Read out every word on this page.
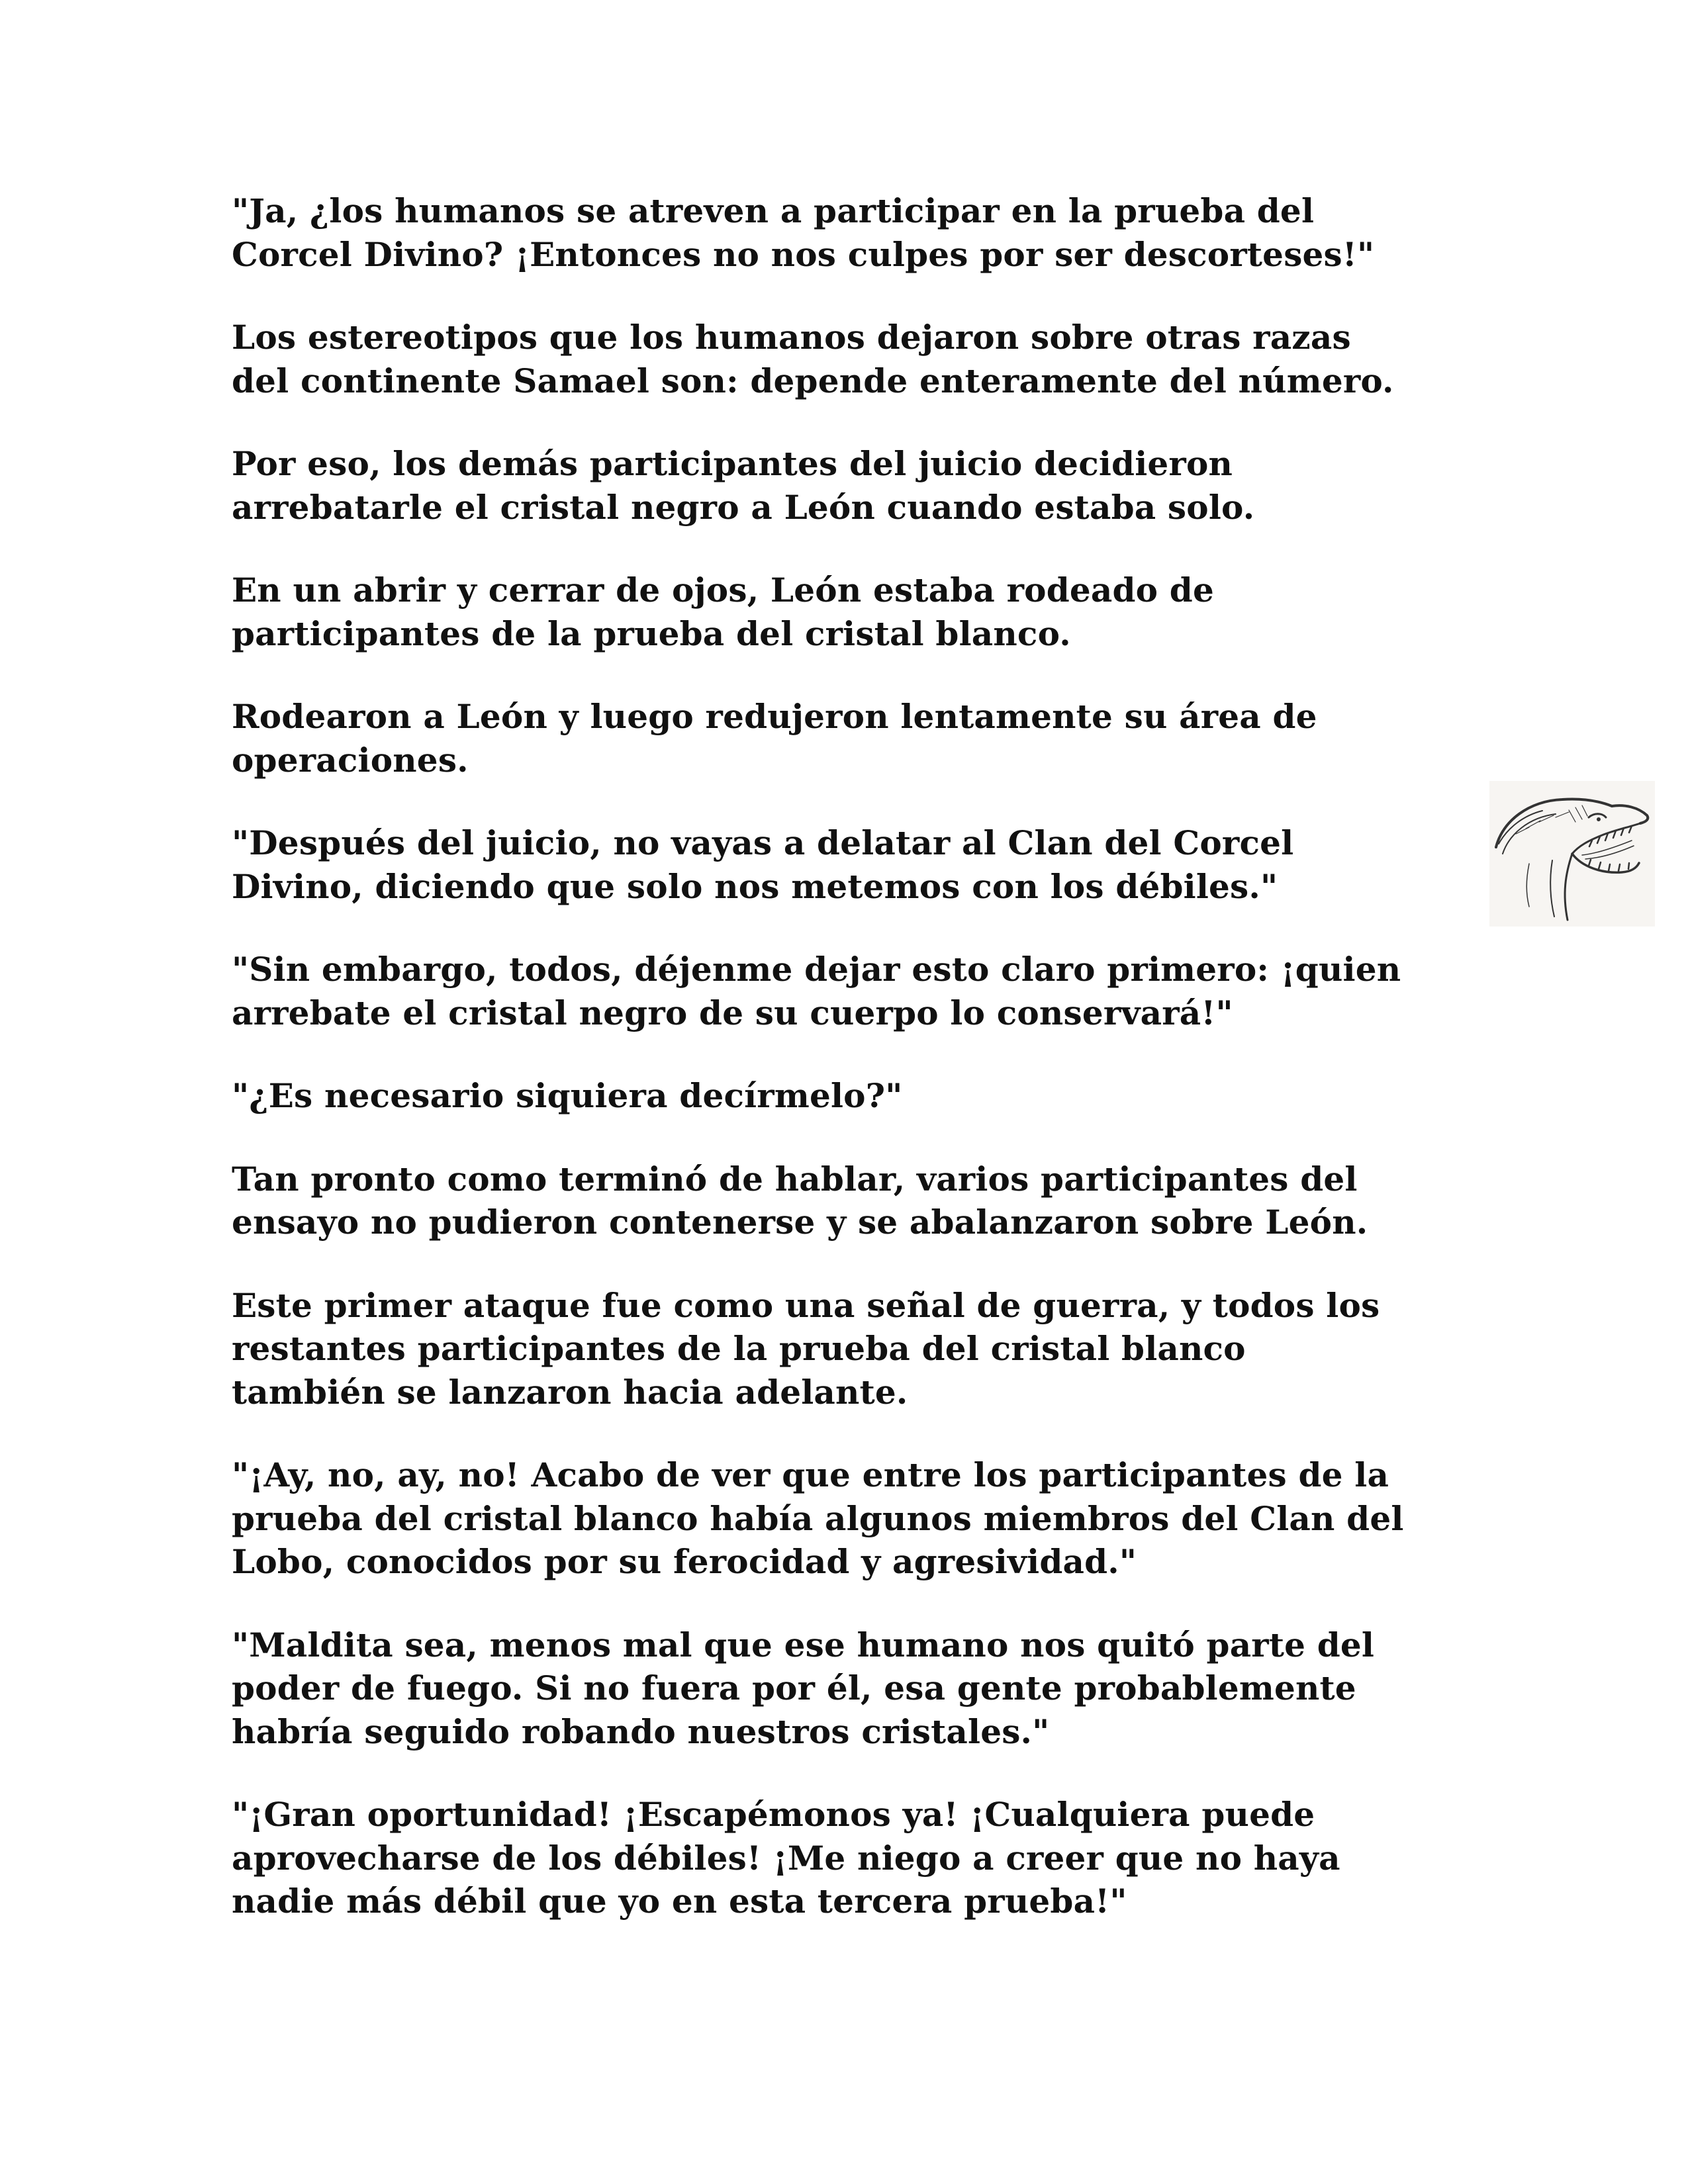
"Ja, ¿los humanos se atreven a participar en la prueba del
Corcel Divino? ¡Entonces no nos culpes por ser descorteses!"

Los estereotipos que los humanos dejaron sobre otras razas
del continente Samael son: depende enteramente del número.

Por eso, los demás participantes del juicio decidieron
arrebatarle el cristal negro a León cuando estaba solo.

En un abrir y cerrar de ojos, León estaba rodeado de
participantes de la prueba del cristal blanco.

Rodearon a León y luego redujeron lentamente su área de
operaciones.

"Después del juicio, no vayas a delatar al Clan del Corcel
Divino, diciendo que solo nos metemos con los débiles."

"Sin embargo, todos, déjenme dejar esto claro primero: ¡quien
arrebate el cristal negro de su cuerpo lo conservará!"

"¿Es necesario siquiera decírmelo?"

Tan pronto como terminó de hablar, varios participantes del
ensayo no pudieron contenerse y se abalanzaron sobre León.

Este primer ataque fue como una señal de guerra, y todos los
restantes participantes de la prueba del cristal blanco
también se lanzaron hacia adelante.

"¡Ay, no, ay, no! Acabo de ver que entre los participantes de la
prueba del cristal blanco había algunos miembros del Clan del
Lobo, conocidos por su ferocidad y agresividad."

"Maldita sea, menos mal que ese humano nos quitó parte del
poder de fuego. Si no fuera por él, esa gente probablemente
habría seguido robando nuestros cristales."

"¡Gran oportunidad! ¡Escapémonos ya! ¡Cualquiera puede
aprovecharse de los débiles! ¡Me niego a creer que no haya
nadie más débil que yo en esta tercera prueba!"
